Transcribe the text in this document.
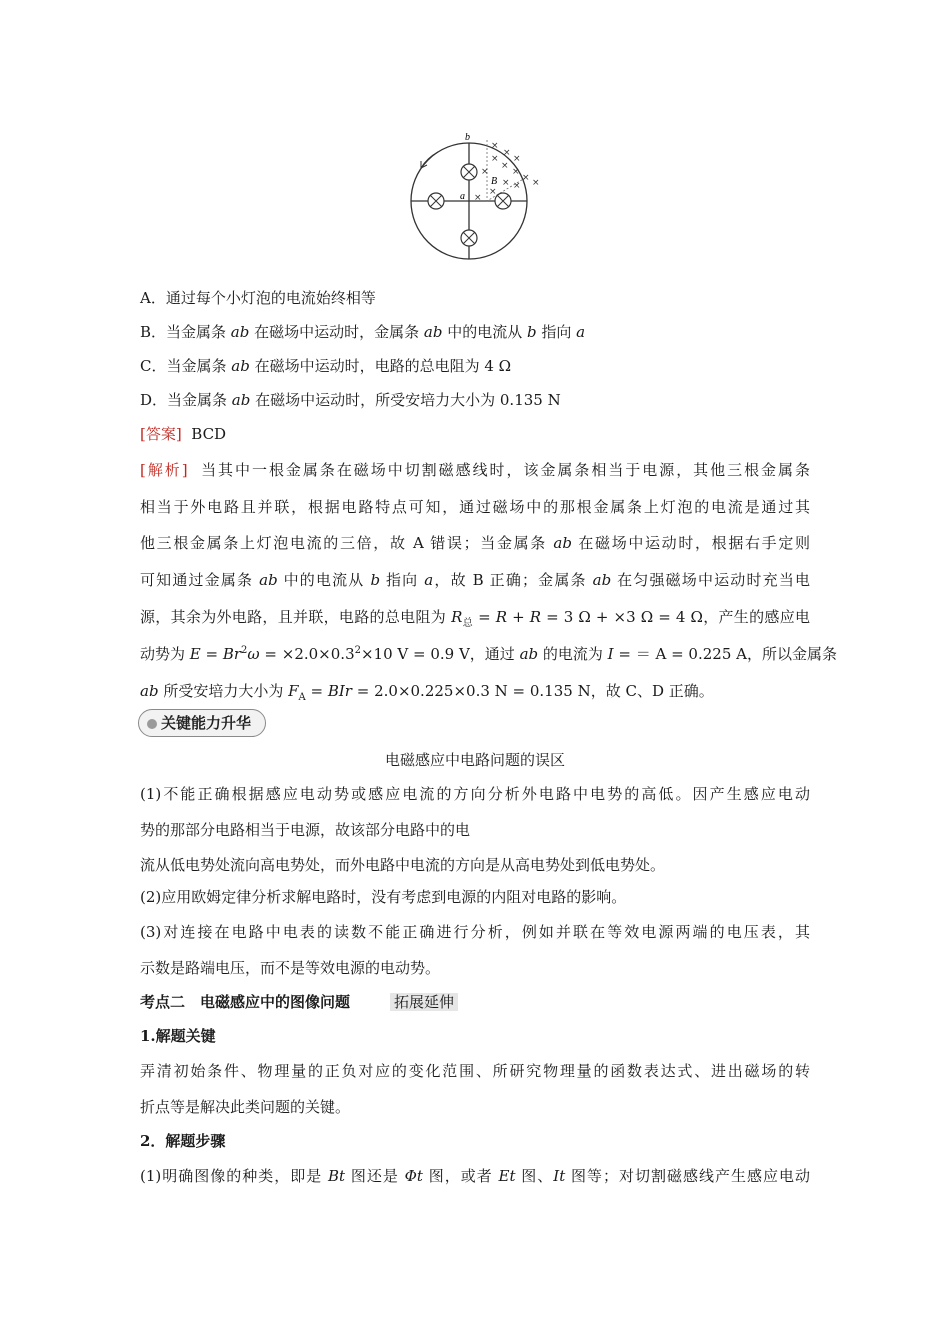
b
a
B
×
×
×
×
×
×
×
×
× × ×
×
×
A．通过每个小灯泡的电流始终相等
B．当金属条 ab 在磁场中运动时，金属条 ab 中的电流从 b 指向 a
C．当金属条 ab 在磁场中运动时，电路的总电阻为 4 Ω
D．当金属条 ab 在磁场中运动时，所受安培力大小为 0.135 N
[答案] BCD
[解析] 当其中一根金属条在磁场中切割磁感线时，该金属条相当于电源，其他三根金属条
相当于外电路且并联，根据电路特点可知，通过磁场中的那根金属条上灯泡的电流是通过其
他三根金属条上灯泡电流的三倍，故 A 错误；当金属条 ab 在磁场中运动时，根据右手定则
可知通过金属条 ab 中的电流从 b 指向 a，故 B 正确；金属条 ab 在匀强磁场中运动时充当电
源，其余为外电路，且并联，电路的总电阻为 $R_总 = R + R = 3$ Ω + ×3 Ω = 4 Ω，产生的感应电
动势为 $E = Br^2\omega = \times 2.0\times 0.3^2\times 10$ V = 0.9 V，通过 ab 的电流为 I = ＝ A = 0.225 A，所以金属条
ab 所受安培力大小为 $F_A$ = BIr = 2.0×0.225×0.3 N = 0.135 N，故 C、D 正确。
关键能力升华
电磁感应中电路问题的误区
(1)不能正确根据感应电动势或感应电流的方向分析外电路中电势的高低。因产生感应电动
势的那部分电路相当于电源，故该部分电路中的电
流从低电势处流向高电势处，而外电路中电流的方向是从高电势处到低电势处。
(2)应用欧姆定律分析求解电路时，没有考虑到电源的内阻对电路的影响。
(3)对连接在电路中电表的读数不能正确进行分析，例如并联在等效电源两端的电压表，其
示数是路端电压，而不是等效电源的电动势。
考点二　电磁感应中的图像问题	拓展延伸
1.解题关键
弄清初始条件、物理量的正负对应的变化范围、所研究物理量的函数表达式、进出磁场的转
折点等是解决此类问题的关键。
2．解题步骤
(1)明确图像的种类，即是 Bt 图还是 Φt 图，或者 Et 图、It 图等；对切割磁感线产生感应电动
